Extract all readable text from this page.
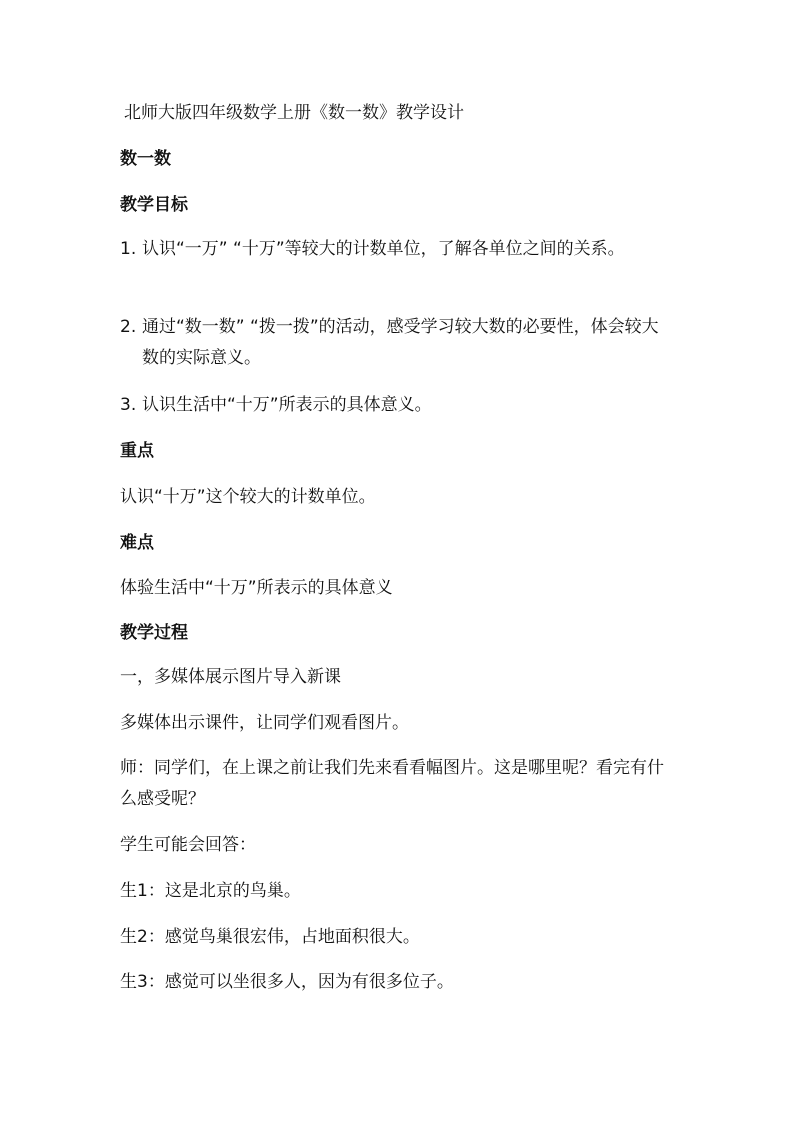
北师大版四年级数学上册《数一数》教学设计
数一数
教学目标
1. 认识“一万” “十万”等较大的计数单位，了解各单位之间的关系。
2. 通过“数一数” “拨一拨”的活动，感受学习较大数的必要性，体会较大数的实际意义。
3. 认识生活中“十万”所表示的具体意义。
重点
认识“十万”这个较大的计数单位。
难点
体验生活中“十万”所表示的具体意义
教学过程
一，多媒体展示图片导入新课
多媒体出示课件，让同学们观看图片。
师：同学们，在上课之前让我们先来看看幅图片。这是哪里呢？看完有什么感受呢？
学生可能会回答：
生1：这是北京的鸟巢。
生2：感觉鸟巢很宏伟，占地面积很大。
生3：感觉可以坐很多人，因为有很多位子。
